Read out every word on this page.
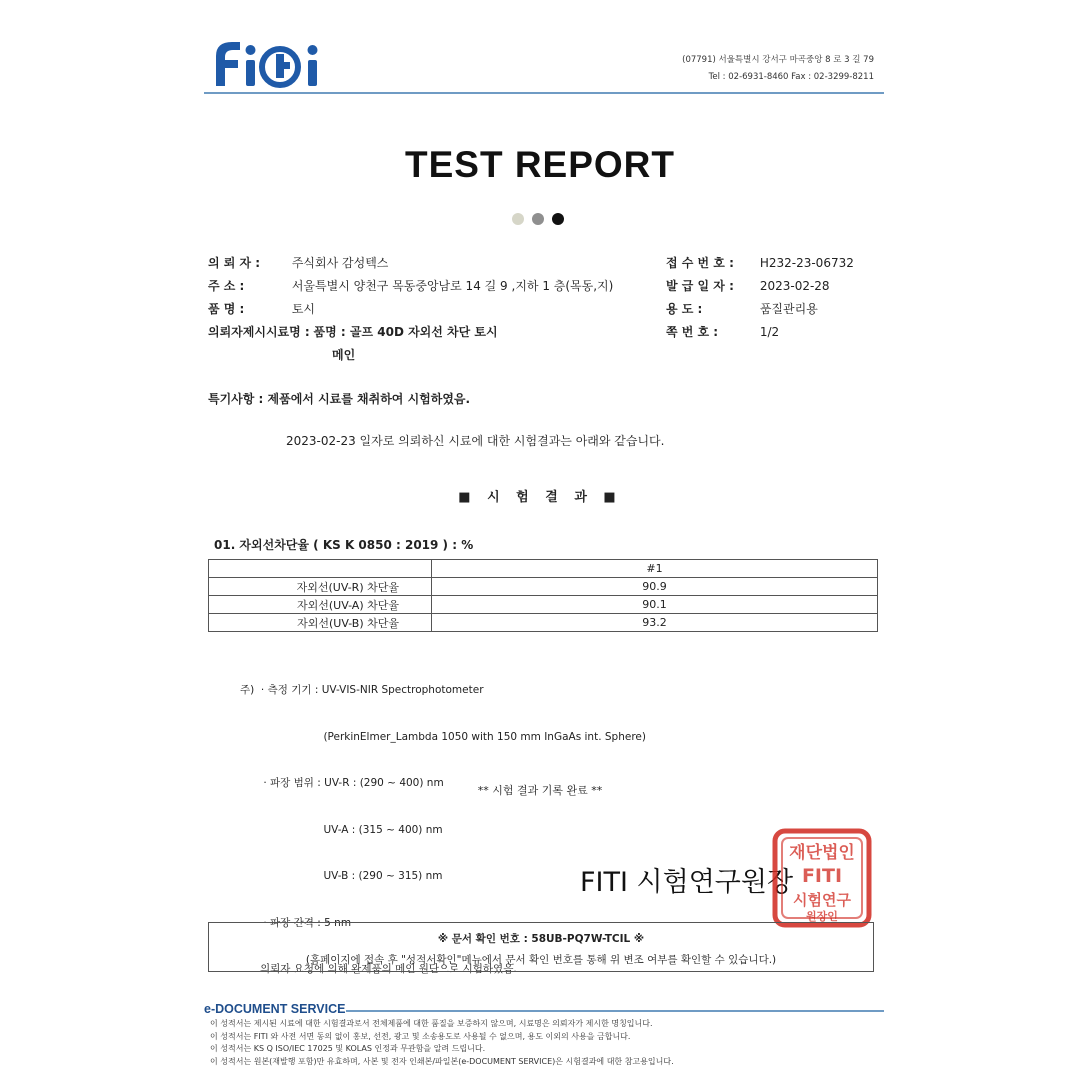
(07791) 서울특별시 강서구 마곡중앙 8 로 3 길 79
Tel : 02-6931-8460 Fax : 02-3299-8211
TEST REPORT
의 뢰 자 :	주식회사 감성텍스
주 소 :	서울특별시 양천구 목동중앙남로 14 길 9 ,지하 1 층(목동,지)
품 명 :	토시
의뢰자제시시료명 : 품명 : 골프 40D 자외선 차단 토시
메인
접 수 번 호 : H232-23-06732
발 급 일 자 : 2023-02-28
용 도 :	품질관리용
쪽 번 호 :	1/2
특기사항 : 제품에서 시료를 채취하여 시험하였음.
2023-02-23 일자로 의뢰하신 시료에 대한 시험결과는 아래와 같습니다.
■ 시 험 결 과 ■
01. 자외선차단율 ( KS K 0850 : 2019 ) : %
	#1
자외선(UV-R) 차단율	90.9
자외선(UV-A) 차단율	90.1
자외선(UV-B) 차단율	93.2

주)  · 측정 기기 : UV-VIS-NIR Spectrophotometer

(PerkinElmer_Lambda 1050 with 150 mm InGaAs int. Sphere)

· 파장 범위 : UV-R : (290 ~ 400) nm

UV-A : (315 ~ 400) nm

UV-B : (290 ~ 315) nm

· 파장 간격 : 5 nm

의뢰자 요청에 의해 완제품의 메인 원단으로 시험하였음.

** 시험 결과 기록 완료 **
FITI 시험연구원장
재단법인
FITI
시험연구
원장인
※ 문서 확인 번호 : 58UB-PQ7W-TCIL ※
(홈페이지에 접속 후 "성적서확인"메뉴에서 문서 확인 번호를 통해 위 변조 여부를 확인할 수 있습니다.)
e-DOCUMENT SERVICE
이 성적서는 제시된 시료에 대한 시험결과로서 전체제품에 대한 품질을 보증하지 않으며, 시료명은 의뢰자가 제시한 명칭입니다.
이 성적서는 FITI 와 사전 서면 동의 없이 홍보, 선전, 광고 및 소송용도로 사용될 수 없으며, 용도 이외의 사용을 금합니다.
이 성적서는 KS Q ISO/IEC 17025 및 KOLAS 인정과 무관함을 알려 드립니다.
이 성적서는 원본(재발행 포함)만 유효하며, 사본 및 전자 인쇄본/파일본(e-DOCUMENT SERVICE)은 시험결과에 대한 참고용입니다.
